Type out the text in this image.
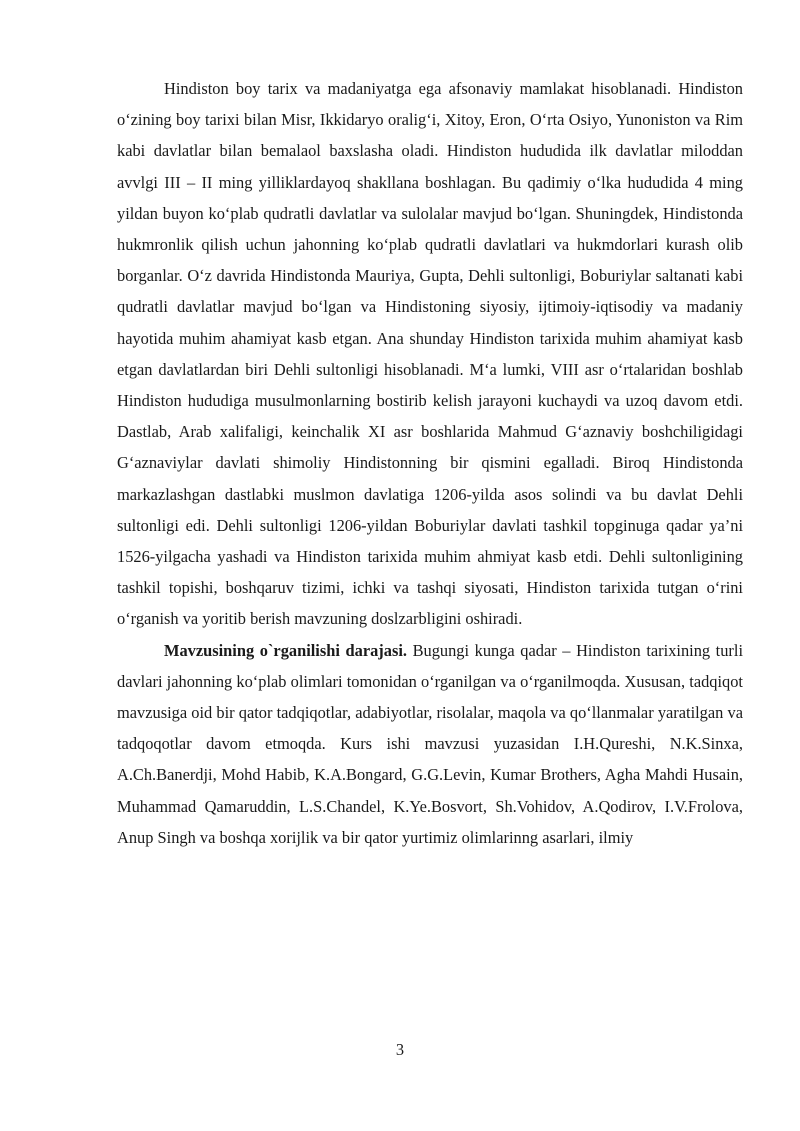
Hindiston boy tarix va madaniyatga ega afsonaviy mamlakat hisoblanadi. Hindiston o‘zining boy tarixi bilan Misr, Ikkidaryo oralig‘i, Xitoy, Eron, O‘rta Osiyo, Yunoniston va Rim kabi davlatlar bilan bemalaol baxslasha oladi. Hindiston hududida ilk davlatlar miloddan avvlgi III – II ming yilliklardayoq shakllana boshlagan. Bu qadimiy o‘lka hududida 4 ming yildan buyon ko‘plab qudratli davlatlar va sulolalar mavjud bo‘lgan. Shuningdek, Hindistonda hukmronlik qilish uchun jahonning ko‘plab qudratli davlatlari va hukmdorlari kurash olib borganlar. O‘z davrida Hindistonda Mauriya, Gupta, Dehli sultonligi, Boburiylar saltanati kabi qudratli davlatlar mavjud bo‘lgan va Hindistoning siyosiy, ijtimoiy-iqtisodiy va madaniy hayotida muhim ahamiyat kasb etgan. Ana shunday Hindiston tarixida muhim ahamiyat kasb etgan davlatlardan biri Dehli sultonligi hisoblanadi. M‘a lumki, VIII asr o‘rtalaridan boshlab Hindiston hududiga musulmonlarning bostirib kelish jarayoni kuchaydi va uzoq davom etdi. Dastlab, Arab xalifaligi, keinchalik XI asr boshlarida Mahmud G‘aznaviy boshchiligidagi G‘aznaviylar davlati shimoliy Hindistonning bir qismini egalladi. Biroq Hindistonda markazlashgan dastlabki muslmon davlatiga 1206-yilda asos solindi va bu davlat Dehli sultonligi edi. Dehli sultonligi 1206-yildan Boburiylar davlati tashkil topginuga qadar ya’ni 1526-yilgacha yashadi va Hindiston tarixida muhim ahmiyat kasb etdi. Dehli sultonligining tashkil topishi, boshqaruv tizimi, ichki va tashqi siyosati, Hindiston tarixida tutgan o‘rini o‘rganish va yoritib berish mavzuning doslzarbligini oshiradi.

Mavzusining o`rganilishi darajasi. Bugungi kunga qadar – Hindiston tarixining turli davlari jahonning ko‘plab olimlari tomonidan o‘rganilgan va o‘rganilmoqda. Xususan, tadqiqot mavzusiga oid bir qator tadqiqotlar, adabiyotlar, risolalar, maqola va qo‘llanmalar yaratilgan va tadqoqotlar davom etmoqda. Kurs ishi mavzusi yuzasidan I.H.Qureshi, N.K.Sinxa, A.Ch.Banerdji, Mohd Habib, K.A.Bongard, G.G.Levin, Kumar Brothers, Agha Mahdi Husain, Muhammad Qamaruddin, L.S.Chandel, K.Ye.Bosvort, Sh.Vohidov, A.Qodirov, I.V.Frolova, Anup Singh va boshqa xorijlik va bir qator yurtimiz olimlarinng asarlari, ilmiy

3
